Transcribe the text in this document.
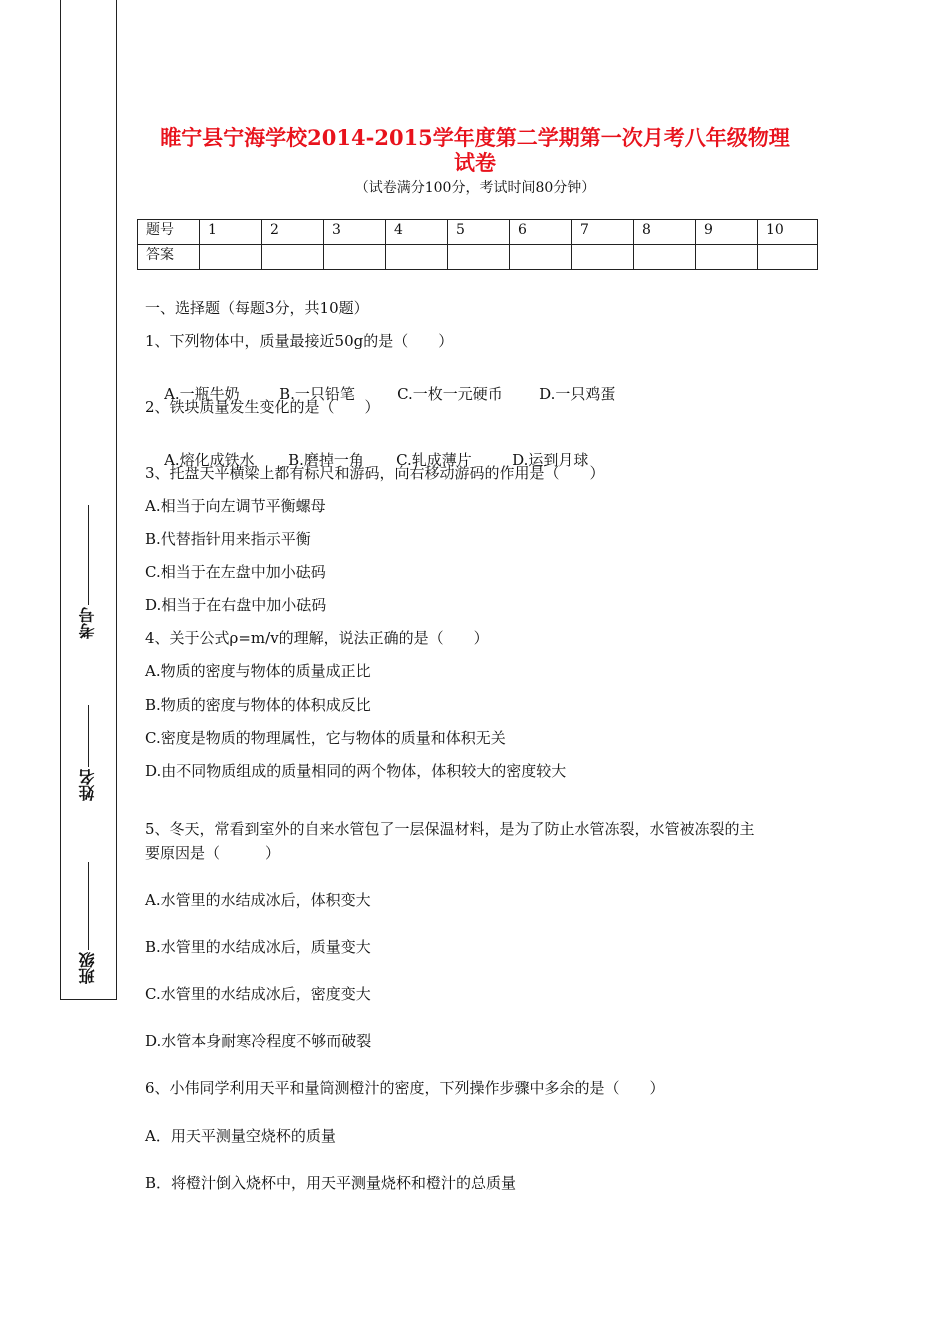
考号
姓名
班级
睢宁县宁海学校2014-2015学年度第二学期第一次月考八年级物理
试卷
（试卷满分100分，考试时间80分钟）
题号	1	2	3	4	5	6	7	8	9	10
答案										
一、选择题（每题3分，共10题）
1、下列物体中，质量最接近50g的是（　　）

A.一瓶牛奶	B.一只铅笔	C.一枚一元硬币 D.一只鸡蛋

2、铁块质量发生变化的是（　　）

A.熔化成铁水 B.磨掉一角 C.轧成薄片	D.运到月球

3、托盘天平横梁上都有标尺和游码，向右移动游码的作用是（　　）
A.相当于向左调节平衡螺母
B.代替指针用来指示平衡
C.相当于在左盘中加小砝码
D.相当于在右盘中加小砝码
4、关于公式ρ=m/v的理解，说法正确的是（　　）
A.物质的密度与物体的质量成正比
B.物质的密度与物体的体积成反比
C.密度是物质的物理属性，它与物体的质量和体积无关
D.由不同物质组成的质量相同的两个物体，体积较大的密度较大
5、冬天，常看到室外的自来水管包了一层保温材料，是为了防止水管冻裂，水管被冻裂的主
要原因是（　　　）
A.水管里的水结成冰后，体积变大
B.水管里的水结成冰后，质量变大
C.水管里的水结成冰后，密度变大
D.水管本身耐寒冷程度不够而破裂
6、小伟同学利用天平和量筒测橙汁的密度，下列操作步骤中多余的是（　　）
A．用天平测量空烧杯的质量
B．将橙汁倒入烧杯中，用天平测量烧杯和橙汁的总质量
